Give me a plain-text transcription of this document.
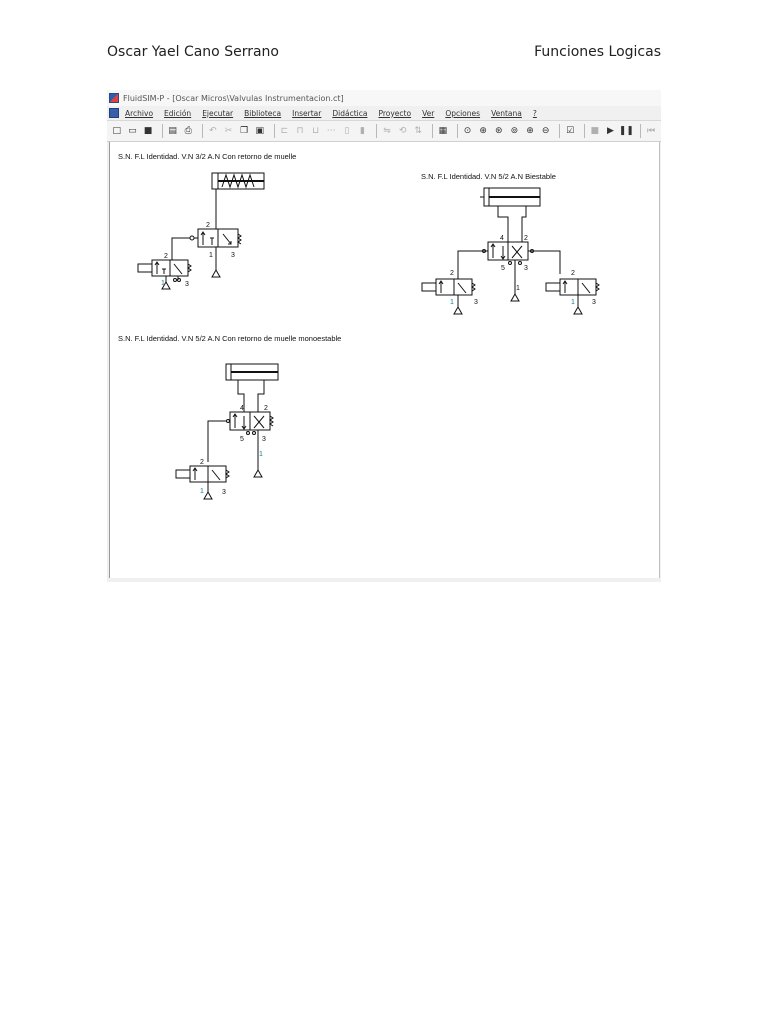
Oscar Yael Cano Serrano	Funciones Logicas
FluidSIM-P - [Oscar Micros\Valvulas Instrumentacion.ct]
Archivo Edición Ejecutar Biblioteca Insertar Didáctica Proyecto Ver Opciones Ventana ?
□ ▭ ■ ▤ ⎙ ↶ ✂ ❐ ▣ ⊏ ⊓ ⊔ ⋯ ▯	▮	⇋ ⟲ ⇅ ▦ ⊙ ⊕ ⊛ ⊚ ⊕ ⊖ ☑ ■ ▶ ❚❚ ⏮
S.N. F.L Identidad. V.N 3/2 A.N Con retorno de muelle
S.N. F.L Identidad. V.N 5/2 A.N Biestable
S.N. F.L Identidad. V.N 5/2 A.N Con retorno de muelle monoestable
2
1	3
2
1	3
4	2
5	3
1
2
1	3
2
1 3
4	2
5	3
1
2
1	3
